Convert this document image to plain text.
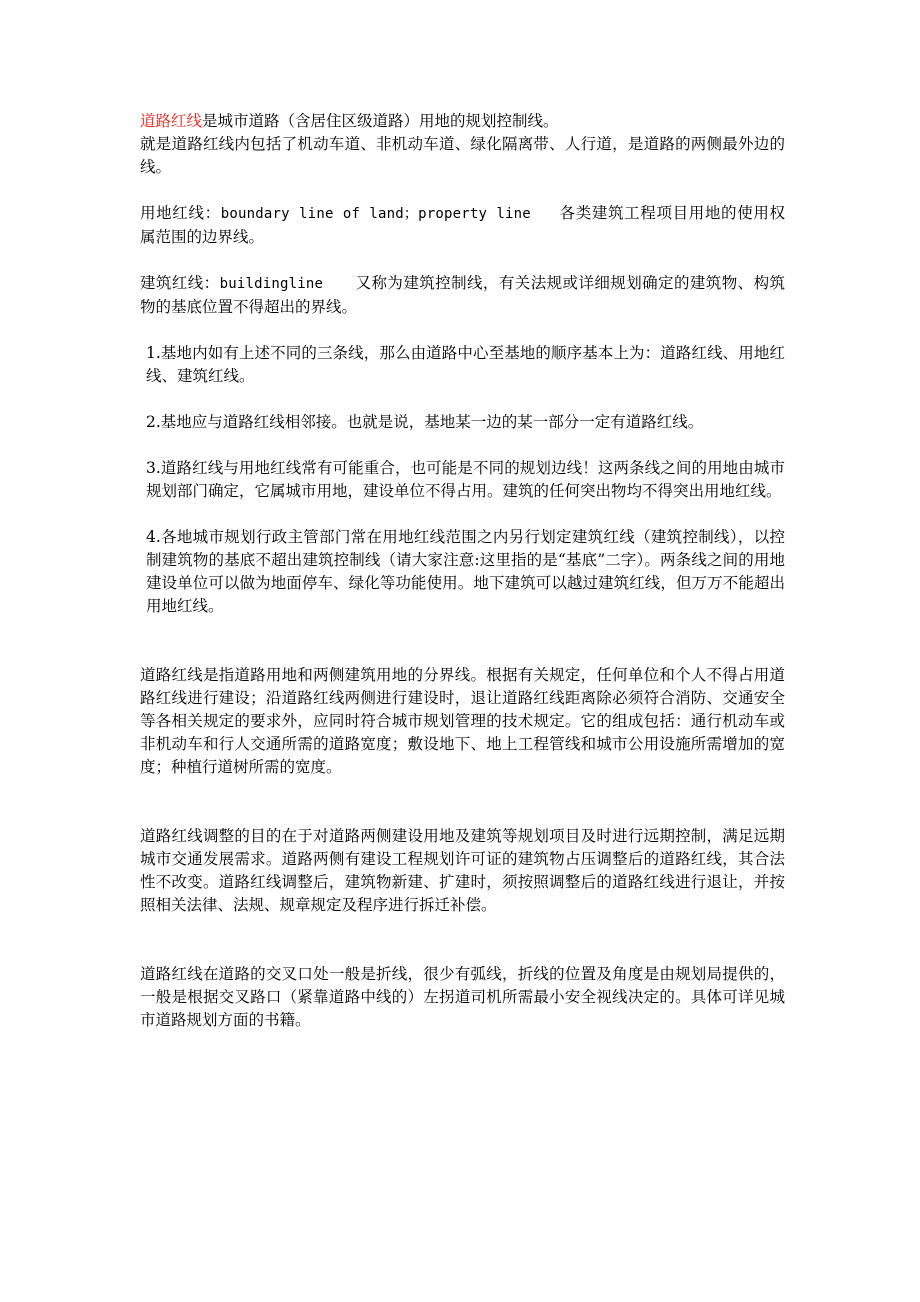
道路红线是城市道路（含居住区级道路）用地的规划控制线。

就是道路红线内包括了机动车道、非机动车道、绿化隔离带、人行道，是道路的两侧最外边的线。

用地红线：boundary line of land；property line 各类建筑工程项目用地的使用权属范围的边界线。

建筑红线：buildingline 又称为建筑控制线，有关法规或详细规划确定的建筑物、构筑物的基底位置不得超出的界线。

1.基地内如有上述不同的三条线，那么由道路中心至基地的顺序基本上为：道路红线、用地红线、建筑红线。

2.基地应与道路红线相邻接。也就是说，基地某一边的某一部分一定有道路红线。

3.道路红线与用地红线常有可能重合，也可能是不同的规划边线！这两条线之间的用地由城市规划部门确定，它属城市用地，建设单位不得占用。建筑的任何突出物均不得突出用地红线。

4.各地城市规划行政主管部门常在用地红线范围之内另行划定建筑红线（建筑控制线），以控制建筑物的基底不超出建筑控制线（请大家注意:这里指的是“基底”二字）。两条线之间的用地建设单位可以做为地面停车、绿化等功能使用。地下建筑可以越过建筑红线，但万万不能超出用地红线。

道路红线是指道路用地和两侧建筑用地的分界线。根据有关规定，任何单位和个人不得占用道路红线进行建设；沿道路红线两侧进行建设时，退让道路红线距离除必须符合消防、交通安全等各相关规定的要求外，应同时符合城市规划管理的技术规定。它的组成包括：通行机动车或非机动车和行人交通所需的道路宽度；敷设地下、地上工程管线和城市公用设施所需增加的宽度；种植行道树所需的宽度。

道路红线调整的目的在于对道路两侧建设用地及建筑等规划项目及时进行远期控制，满足远期城市交通发展需求。道路两侧有建设工程规划许可证的建筑物占压调整后的道路红线，其合法性不改变。道路红线调整后，建筑物新建、扩建时，须按照调整后的道路红线进行退让，并按照相关法律、法规、规章规定及程序进行拆迁补偿。

道路红线在道路的交叉口处一般是折线，很少有弧线，折线的位置及角度是由规划局提供的，一般是根据交叉路口（紧靠道路中线的）左拐道司机所需最小安全视线决定的。具体可详见城市道路规划方面的书籍。
